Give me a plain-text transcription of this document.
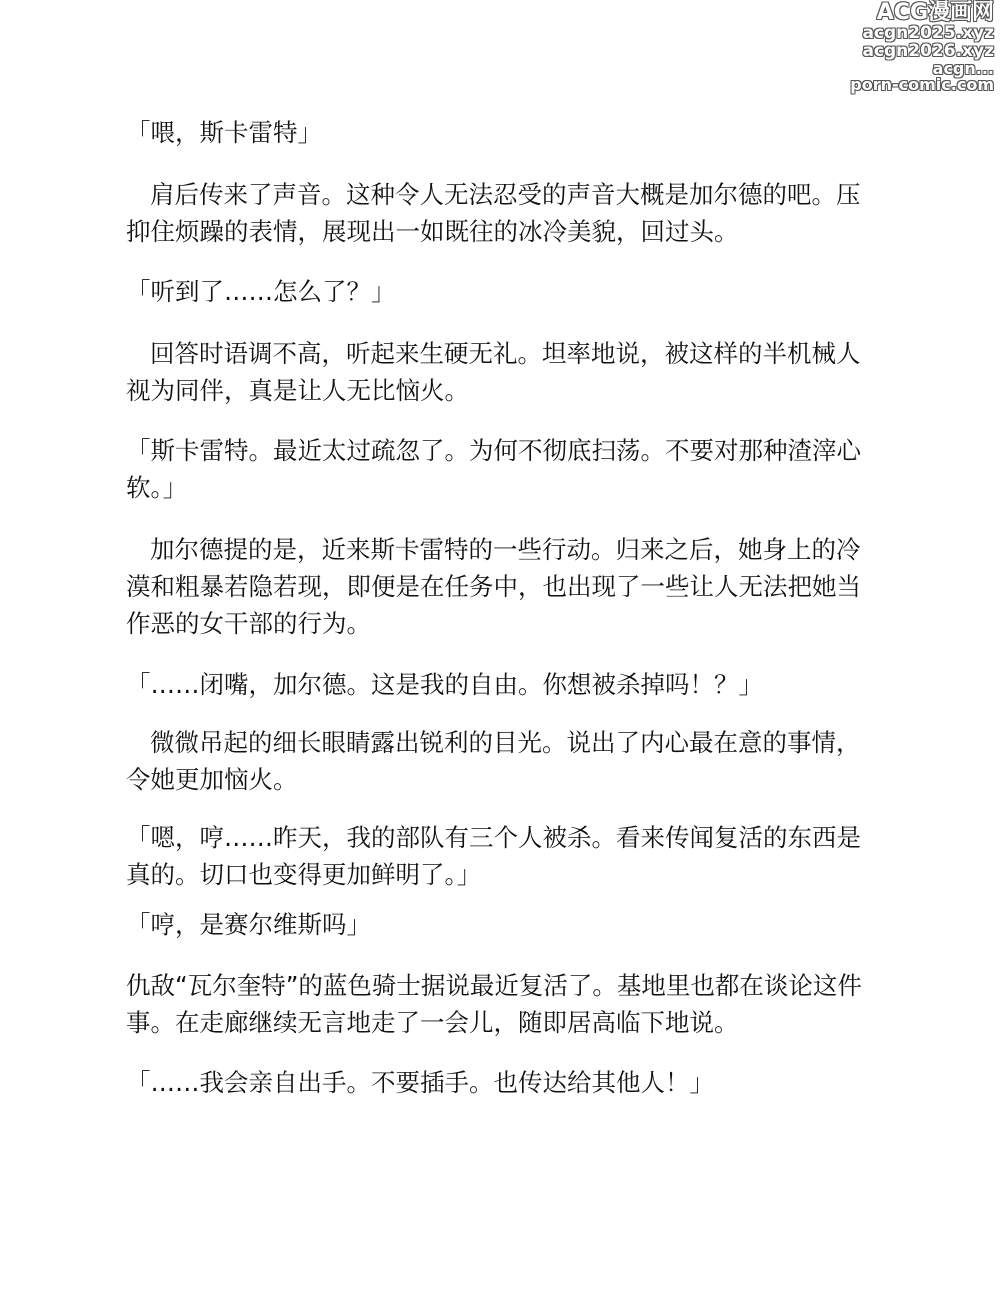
ACG漫画网
acgn2025.xyz
acgn2026.xyz
acgn...
porn-comic.com

「喂，斯卡雷特」

肩后传来了声音。这种令人无法忍受的声音大概是加尔德的吧。压抑住烦躁的表情，展现出一如既往的冰冷美貌，回过头。

「听到了……怎么了？」

回答时语调不高，听起来生硬无礼。坦率地说，被这样的半机械人视为同伴，真是让人无比恼火。

「斯卡雷特。最近太过疏忽了。为何不彻底扫荡。不要对那种渣滓心软。」

加尔德提的是，近来斯卡雷特的一些行动。归来之后，她身上的冷漠和粗暴若隐若现，即便是在任务中，也出现了一些让人无法把她当作恶的女干部的行为。

「……闭嘴，加尔德。这是我的自由。你想被杀掉吗！？」

微微吊起的细长眼睛露出锐利的目光。说出了内心最在意的事情，令她更加恼火。

「嗯，哼……昨天，我的部队有三个人被杀。看来传闻复活的东西是真的。切口也变得更加鲜明了。」

「哼，是赛尔维斯吗」

仇敌“瓦尔奎特”的蓝色骑士据说最近复活了。基地里也都在谈论这件事。在走廊继续无言地走了一会儿，随即居高临下地说。

「……我会亲自出手。不要插手。也传达给其他人！」
